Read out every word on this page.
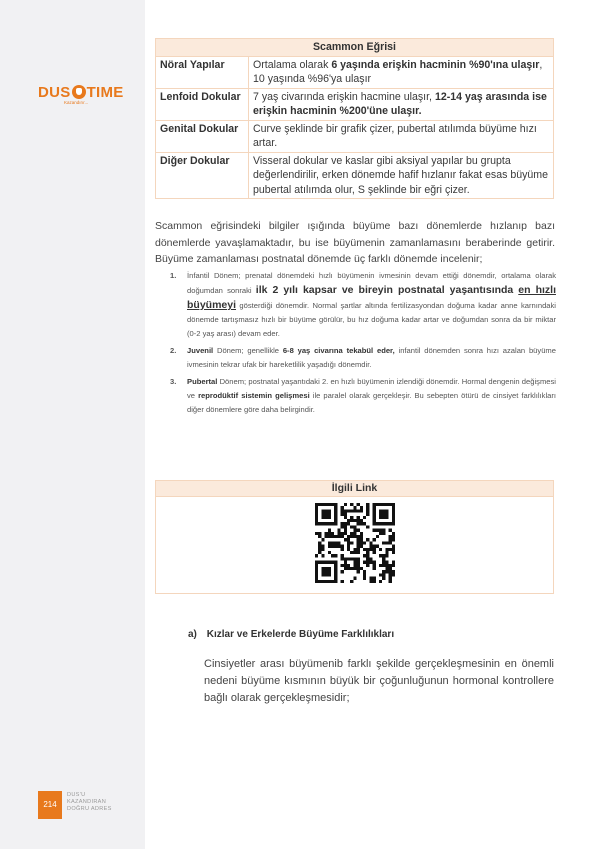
DUS TIME
Kazandırır...
214
DUS'U
KAZANDIRAN
DOĞRU ADRES
Scammon Eğrisi	
Nöral Yapılar	Ortalama olarak 6 yaşında erişkin hacminin %90'ına ulaşır, 10 yaşında %96'ya ulaşır
Lenfoid Dokular	7 yaş civarında erişkin hacmine ulaşır, 12-14 yaş arasında ise erişkin hacminin %200'üne ulaşır.
Genital Dokular	Curve şeklinde bir grafik çizer, pubertal atılımda büyüme hızı artar.
Diğer Dokular	Visseral dokular ve kaslar gibi aksiyal yapılar bu grupta değerlendirilir, erken dönemde hafif hızlanır fakat esas büyüme pubertal atılımda olur, S şeklinde bir eğri çizer.
Scammon eğrisindeki bilgiler ışığında büyüme bazı dönemlerde hızlanıp bazı dönemlerde yavaşlamaktadır, bu ise büyümenin zamanlamasını beraberinde getirir. Büyüme zamanlaması postnatal dönemde üç farklı dönemde incelenir;
1. İnfantil Dönem; prenatal dönemdeki hızlı büyümenin ivmesinin devam ettiği dönemdir, ortalama olarak doğumdan sonraki ilk 2 yılı kapsar ve bireyin postnatal yaşantısında en hızlı büyümeyi gösterdiği dönemdir. Normal şartlar altında fertilizasyondan doğuma kadar anne karnındaki dönemde tartışmasız hızlı bir büyüme görülür, bu hız doğuma kadar artar ve doğumdan sonra da bir miktar (0-2 yaş arası) devam eder.
2. Juvenil Dönem; genellikle 6-8 yaş civarına tekabül eder, infantil dönemden sonra hızı azalan büyüme ivmesinin tekrar ufak bir hareketlilik yaşadığı dönemdir.
3. Pubertal Dönem; postnatal yaşantıdaki 2. en hızlı büyümenin izlendiği dönemdir. Hormal dengenin değişmesi ve reprodüktif sistemin gelişmesi ile paralel olarak gerçekleşir. Bu sebepten ötürü de cinsiyet farklılıkları diğer dönemlere göre daha belirgindir.
İlgili Link
a) Kızlar ve Erkelerde Büyüme Farklılıkları
Cinsiyetler arası büyümenib farklı şekilde gerçekleşmesinin en önemli nedeni büyüme kısmının büyük bir çoğunluğunun hormonal kontrollere bağlı olarak gerçekleşmesidir;
